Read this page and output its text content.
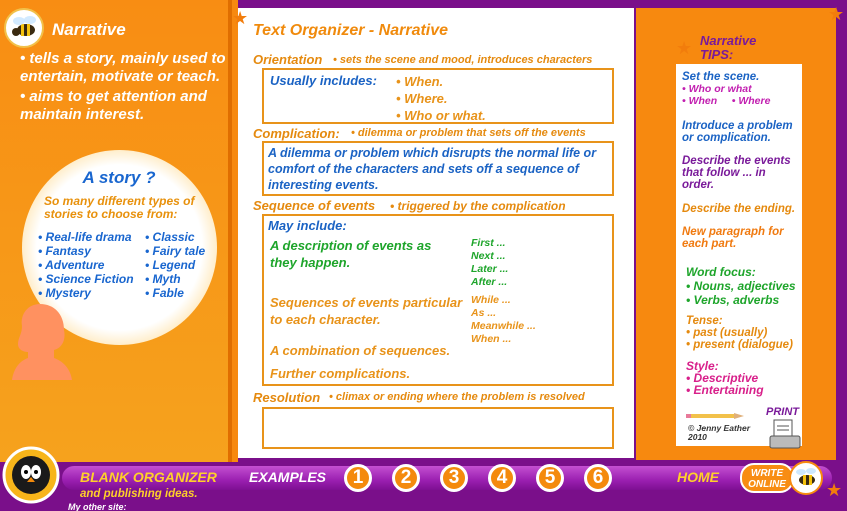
Narrative
• tells a story, mainly used to entertain, motivate or teach.
• aims to get attention and maintain interest.
A story ?
So many different types of stories to choose from:
• Real-life drama
• Fantasy
• Adventure
• Science Fiction
• Mystery
• Classic
• Fairy tale
• Legend
• Myth
• Fable
★
Text Organizer - Narrative
Orientation • sets the scene and mood, introduces characters
Usually includes: • When.
• Where.
• Who or what.
Complication: • dilemma or problem that sets off the events
A dilemma or problem which disrupts the normal life or comfort of the characters and sets off a sequence of interesting events.
Sequence of events • triggered by the complication
May include:
A description of events as they happen.
First ...
Next ...
Later ...
After ...
Sequences of events particular to each character.
While ...
As ...
Meanwhile ...
When ...
A combination of sequences.
Further complications.
Resolution • climax or ending where the problem is resolved
★
★ Narrative
TIPS:
Set the scene.
• Who or what
• When     • Where
Introduce a problem or complication.
Describe the events that follow ... in order.
Describe the ending.
New paragraph for each part.
Word focus:
• Nouns, adjectives
• Verbs, adverbs
Tense:
• past (usually)
• present (dialogue)
Style:
• Descriptive
• Entertaining
PRINT
© Jenny Eather 2010
BLANK ORGANIZER
and publishing ideas.
My other site:
EXAMPLES	1	2	3	4	5	6	HOME	WRITE ONLINE	★
